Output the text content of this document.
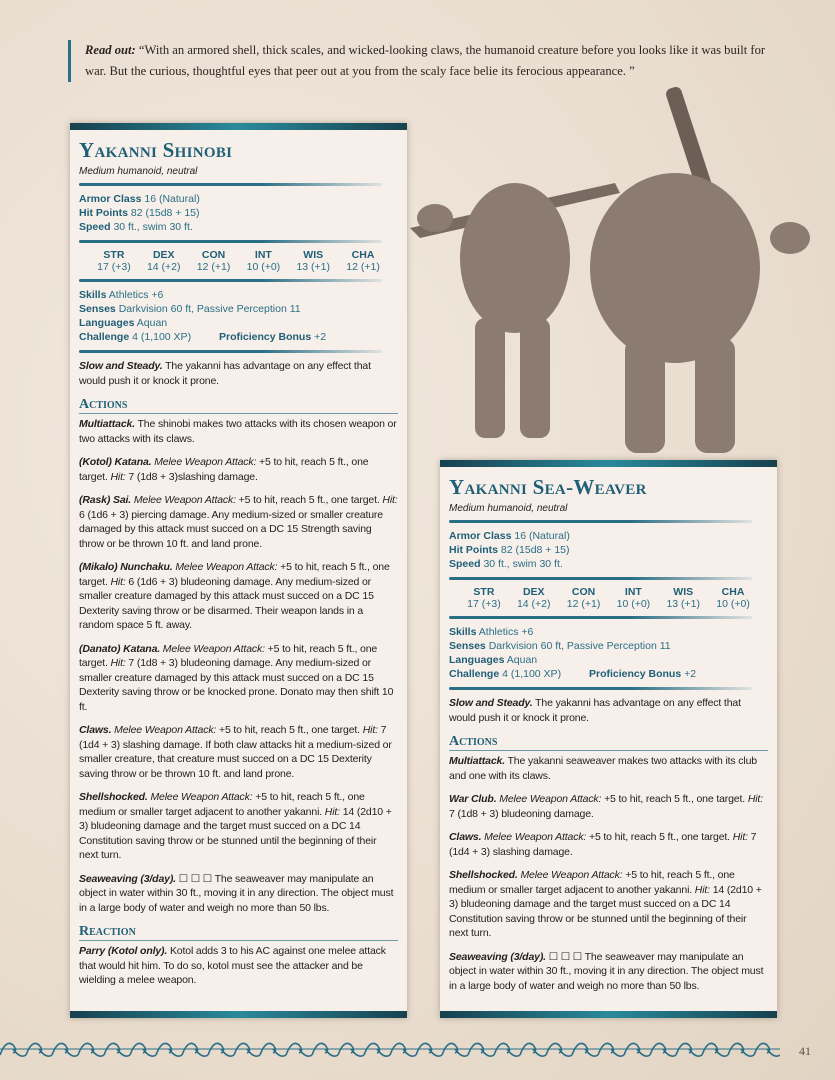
Read out: “With an armored shell, thick scales, and wicked-looking claws, the humanoid creature before you looks like it was built for war. But the curious, thoughtful eyes that peer out at you from the scaly face belie its ferocious appearance. ”
Yakanni Shinobi
Medium humanoid, neutral
Armor Class 16 (Natural)
Hit Points 82 (15d8 + 15)
Speed 30 ft., swim 30 ft.
STR
17 (+3)
DEX
14 (+2)
CON
12 (+1)
INT
10 (+0)
WIS
13 (+1)
CHA
12 (+1)
Skills Athletics +6
Senses Darkvision 60 ft, Passive Perception 11
Languages Aquan
Challenge 4 (1,100 XP)	Proficiency Bonus +2

Slow and Steady. The yakanni has advantage on any effect that would push it or knock it prone.

Actions

Multiattack. The shinobi makes two attacks with its chosen weapon or two attacks with its claws.

(Kotol) Katana. Melee Weapon Attack: +5 to hit, reach 5 ft., one target. Hit: 7 (1d8 + 3)slashing damage.

(Rask) Sai. Melee Weapon Attack: +5 to hit, reach 5 ft., one target. Hit: 6 (1d6 + 3) piercing damage. Any medium-sized or smaller creature damaged by this attack must succed on a DC 15 Strength saving throw or be thrown 10 ft. and land prone.

(Mikalo) Nunchaku. Melee Weapon Attack: +5 to hit, reach 5 ft., one target. Hit: 6 (1d6 + 3) bludeoning damage. Any medium-sized or smaller creature damaged by this attack must succed on a DC 15 Dexterity saving throw or be disarmed. Their weapon lands in a random space 5 ft. away.

(Danato) Katana. Melee Weapon Attack: +5 to hit, reach 5 ft., one target. Hit: 7 (1d8 + 3) bludeoning damage. Any medium-sized or smaller creature damaged by this attack must succed on a DC 15 Dexterity saving throw or be knocked prone. Donato may then shift 10 ft.

Claws. Melee Weapon Attack: +5 to hit, reach 5 ft., one target. Hit: 7 (1d4 + 3) slashing damage. If both claw attacks hit a medium-sized or smaller creature, that creature must succed on a DC 15 Dexterity saving throw or be thrown 10 ft. and land prone.

Shellshocked. Melee Weapon Attack: +5 to hit, reach 5 ft., one medium or smaller target adjacent to another yakanni. Hit: 14 (2d10 + 3) bludeoning damage and the target must succed on a DC 14 Constitution saving throw or be stunned until the beginning of their next turn.

Seaweaving (3/day). ☐ ☐ ☐ The seaweaver may manipulate an object in water within 30 ft., moving it in any direction. The object must in a large body of water and weigh no more than 50 lbs.

Reaction

Parry (Kotol only). Kotol adds 3 to his AC against one melee attack that would hit him. To do so, kotol must see the attacker and be wielding a melee weapon.

Yakanni Sea-Weaver
Medium humanoid, neutral
Armor Class 16 (Natural)
Hit Points 82 (15d8 + 15)
Speed 30 ft., swim 30 ft.
STR
17 (+3)
DEX
14 (+2)
CON
12 (+1)
INT
10 (+0)
WIS
13 (+1)
CHA
10 (+0)
Skills Athletics +6
Senses Darkvision 60 ft, Passive Perception 11
Languages Aquan
Challenge 4 (1,100 XP)	Proficiency Bonus +2

Slow and Steady. The yakanni has advantage on any effect that would push it or knock it prone.

Actions

Multiattack. The yakanni seaweaver makes two attacks with its club and one with its claws.

War Club. Melee Weapon Attack: +5 to hit, reach 5 ft., one target. Hit: 7 (1d8 + 3) bludeoning damage.

Claws. Melee Weapon Attack: +5 to hit, reach 5 ft., one target. Hit: 7 (1d4 + 3) slashing damage.

Shellshocked. Melee Weapon Attack: +5 to hit, reach 5 ft., one medium or smaller target adjacent to another yakanni. Hit: 14 (2d10 + 3) bludeoning damage and the target must succed on a DC 14 Constitution saving throw or be stunned until the beginning of their next turn.

Seaweaving (3/day). ☐ ☐ ☐ The seaweaver may manipulate an object in water within 30 ft., moving it in any direction. The object must in a large body of water and weigh no more than 50 lbs.

41
